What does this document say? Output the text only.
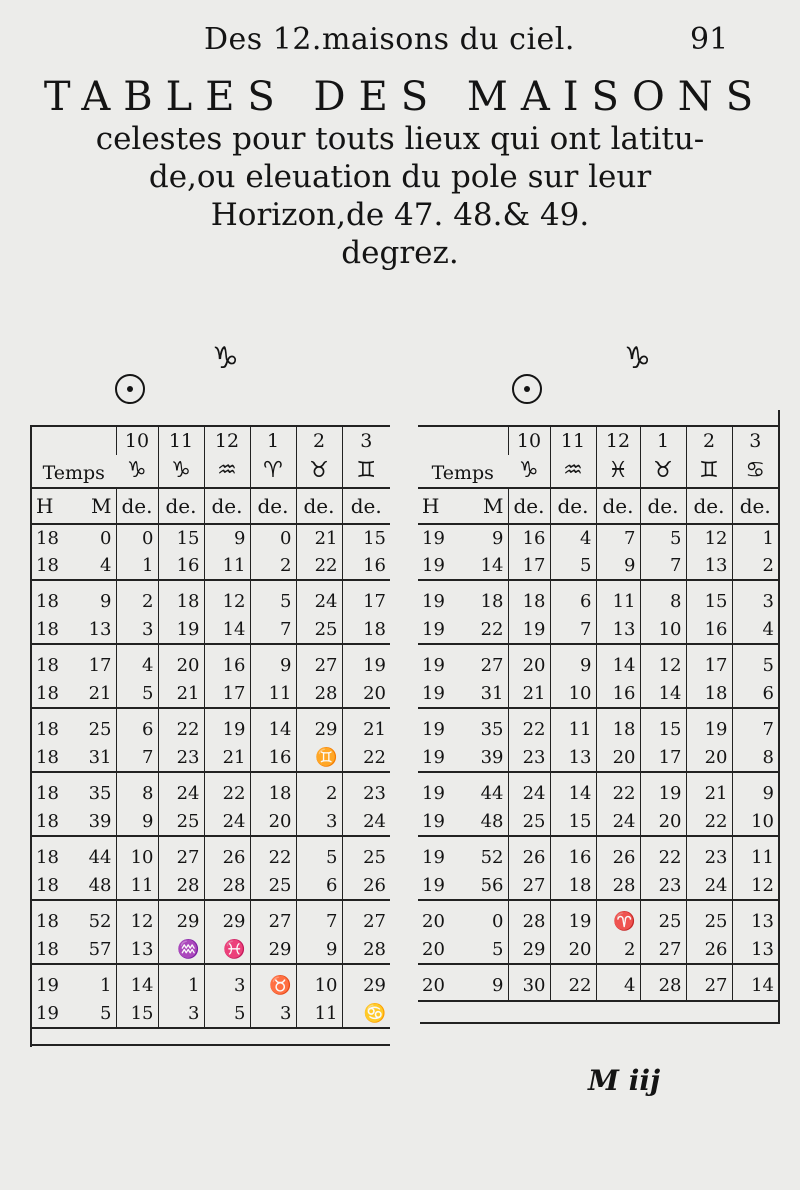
Des 12.maisons du ciel.	91
TABLES DES MAISONS

celestes pour touts lieux qui ont latitu-

de,ou eleuation du pole sur leur

Horizon,de 47. 48.& 49.

degrez.

♑	♑
Temps		10	11	12	1	2	3
		♑	♑	♒	♈	♉	♊
H	M	de.	de.	de.	de.	de.	de.
18	0	0	15	9	0	21	15
18	4	1	16	11	2	22	16
18	9	2	18	12	5	24	17
18	13	3	19	14	7	25	18
18	17	4	20	16	9	27	19
18	21	5	21	17	11	28	20
18	25	6	22	19	14	29	21
18	31	7	23	21	16	♊	22
18	35	8	24	22	18	2	23
18	39	9	25	24	20	3	24
18	44	10	27	26	22	5	25
18	48	11	28	28	25	6	26
18	52	12	29	29	27	7	27
18	57	13	♒	♓	29	9	28
19	1	14	1	3	♉	10	29
19	5	15	3	5	3	11	♋
Temps		10	11	12	1	2	3
		♑	♒	♓	♉	♊	♋
H	M	de.	de.	de.	de.	de.	de.
19	9	16	4	7	5	12	1
19	14	17	5	9	7	13	2
19	18	18	6	11	8	15	3
19	22	19	7	13	10	16	4
19	27	20	9	14	12	17	5
19	31	21	10	16	14	18	6
19	35	22	11	18	15	19	7
19	39	23	13	20	17	20	8
19	44	24	14	22	19	21	9
19	48	25	15	24	20	22	10
19	52	26	16	26	22	23	11
19	56	27	18	28	23	24	12
20	0	28	19	♈	25	25	13
20	5	29	20	2	27	26	13
20	9	30	22	4	28	27	14
M iij
